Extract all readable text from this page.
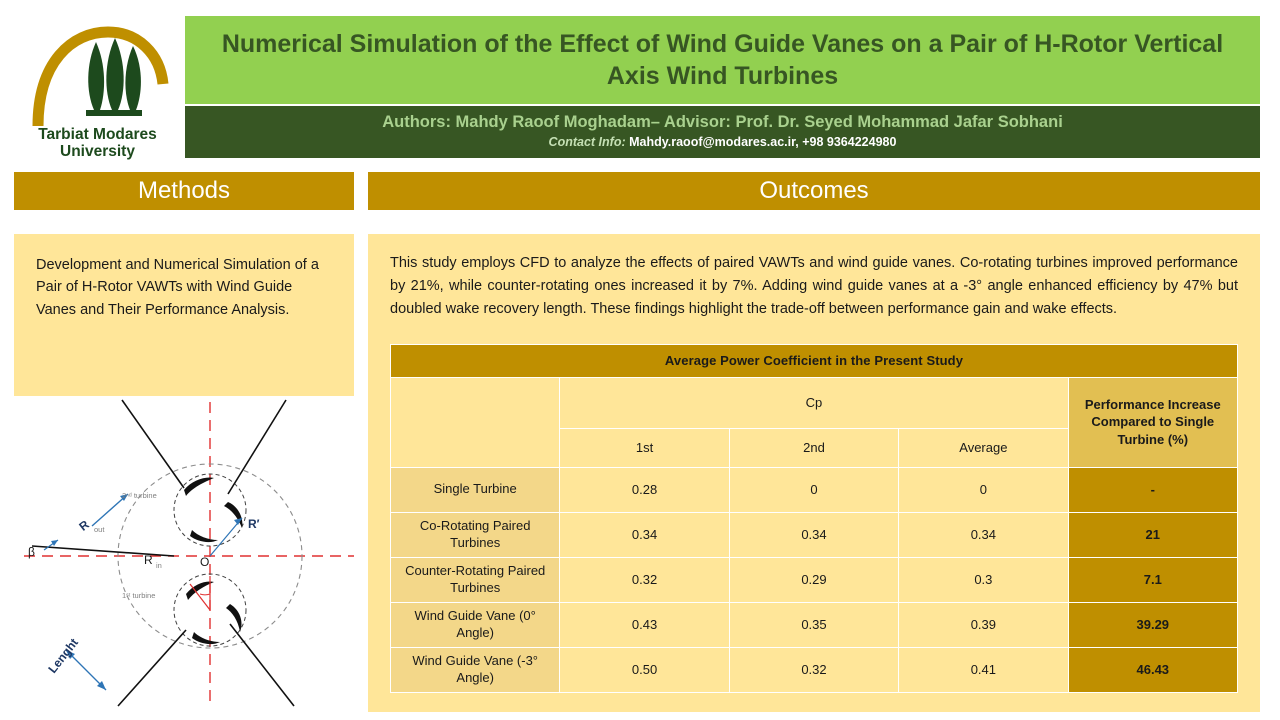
Tarbiat Modares
University
Numerical Simulation of the Effect of Wind Guide Vanes on a Pair of H-Rotor Vertical Axis Wind Turbines
Authors: Mahdy Raoof Moghadam– Advisor: Prof. Dr. Seyed Mohammad Jafar Sobhani
Contact Info: Mahdy.raoof@modares.ac.ir, +98 9364224980
Methods	Outcomes
Development and Numerical Simulation of a Pair of H-Rotor VAWTs with Wind Guide Vanes and Their Performance Analysis.
This study employs CFD to analyze the effects of paired VAWTs and wind guide vanes. Co-rotating turbines improved performance by 21%, while counter-rotating ones increased it by 7%. Adding wind guide vanes at a -3° angle enhanced efficiency by 47% but doubled wake recovery length. These findings highlight the trade-off between performance gain and wake effects.
Average Power Coefficient in the Present Study				
	Cp			Performance Increase Compared to Single Turbine (%)
	1st	2nd	Average	
Single Turbine	0.28	0	0	-
Co-Rotating Paired Turbines	0.34	0.34	0.34	21
Counter-Rotating Paired Turbines	0.32	0.29	0.3	7.1
Wind Guide Vane (0° Angle)	0.43	0.35	0.39	39.29
Wind Guide Vane (-3° Angle)	0.50	0.32	0.41	46.43
R out	R′
R in
β
O
2ⁿᵈ turbine
1ˢᵗ turbine
Lenght
